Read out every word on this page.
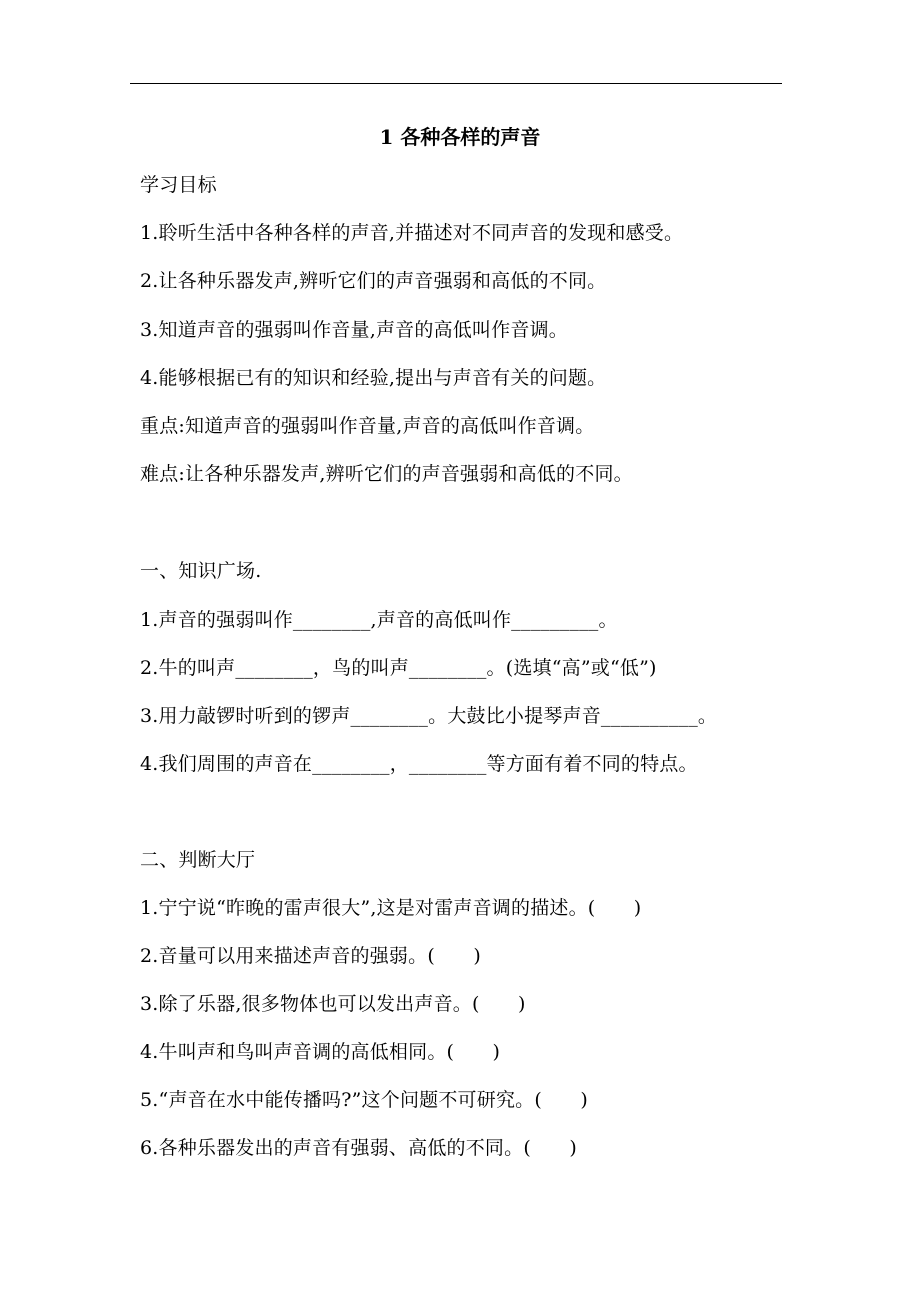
1 各种各样的声音
学习目标
1.聆听生活中各种各样的声音,并描述对不同声音的发现和感受。
2.让各种乐器发声,辨听它们的声音强弱和高低的不同。
3.知道声音的强弱叫作音量,声音的高低叫作音调。
4.能够根据已有的知识和经验,提出与声音有关的问题。
重点:知道声音的强弱叫作音量,声音的高低叫作音调。
难点:让各种乐器发声,辨听它们的声音强弱和高低的不同。
一、知识广场.
1.声音的强弱叫作________,声音的高低叫作_________。
2.牛的叫声________，鸟的叫声________。(选填“高”或“低”)
3.用力敲锣时听到的锣声________。大鼓比小提琴声音__________。
4.我们周围的声音在________，________等方面有着不同的特点。
二、判断大厅
1.宁宁说“昨晚的雷声很大”,这是对雷声音调的描述。(　　)
2.音量可以用来描述声音的强弱。(　　)
3.除了乐器,很多物体也可以发出声音。(　　)
4.牛叫声和鸟叫声音调的高低相同。(　　)
5.“声音在水中能传播吗?”这个问题不可研究。(　　)
6.各种乐器发出的声音有强弱、高低的不同。(　　)
